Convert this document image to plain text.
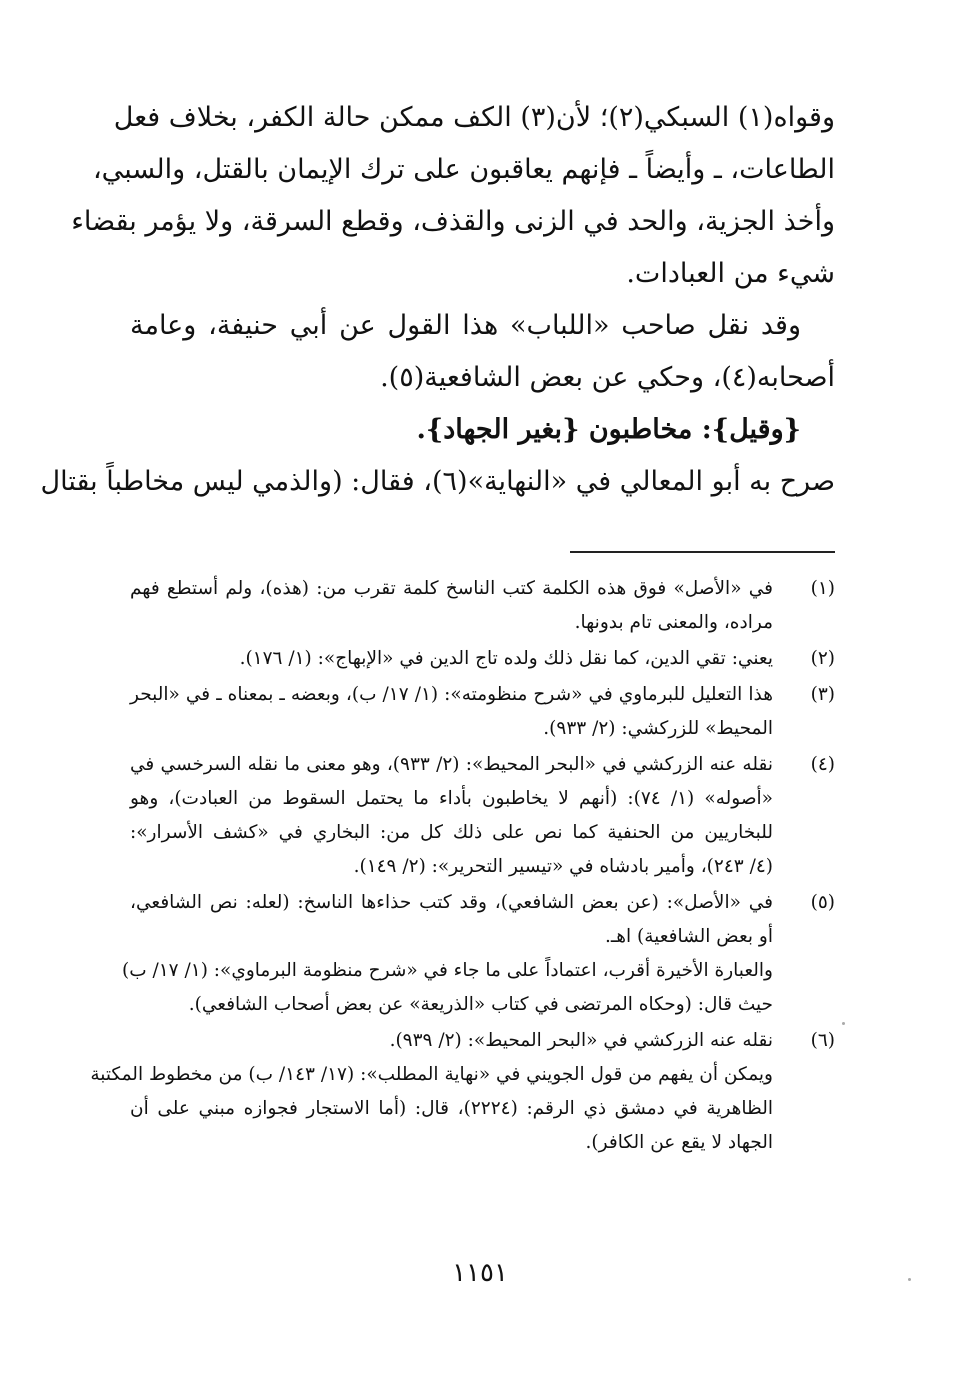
وقواه(١) السبكي(٢)؛ لأن(٣) الكف ممكن حالة الكفر، بخلاف فعل
الطاعات، ـ وأيضاً ـ فإنهم يعاقبون على ترك الإيمان بالقتل، والسبي،
وأخذ الجزية، والحد في الزنى والقذف، وقطع السرقة، ولا يؤمر بقضاء
شيء من العبادات.
وقد نقل صاحب «اللباب» هذا القول عن أبي حنيفة، وعامة
أصحابه(٤)، وحكي عن بعض الشافعية(٥).
{وقيل}: مخاطبون {بغير الجهاد}.
صرح به أبو المعالي في «النهاية»(٦)، فقال: (والذمي ليس مخاطباً بقتال
(١)
في «الأصل» فوق هذه الكلمة كتب الناسخ كلمة تقرب من: (هذه)، ولم أستطع فهم
مراده، والمعنى تام بدونها.
(٢)
يعني: تقي الدين، كما نقل ذلك ولده تاج الدين في «الإبهاج»: (١/ ١٧٦).
(٣)
هذا التعليل للبرماوي في «شرح منظومته»: (١/ ١٧/ ب)، وبعضه ـ بمعناه ـ في «البحر
المحيط» للزركشي: (٢/ ٩٣٣).
(٤)
نقله عنه الزركشي في «البحر المحيط»: (٢/ ٩٣٣)، وهو معنى ما نقله السرخسي في
«أصوله» (١/ ٧٤): (أنهم لا يخاطبون بأداء ما يحتمل السقوط من العبادت)، وهو
للبخاريين من الحنفية كما نص على ذلك كل من: البخاري في «كشف الأسرار»:
(٤/ ٢٤٣)، وأمير بادشاه في «تيسير التحرير»: (٢/ ١٤٩).
(٥)
في «الأصل»: (عن بعض الشافعي)، وقد كتب حذاءها الناسخ: (لعله: نص الشافعي،
أو بعض الشافعية) اهـ.
والعبارة الأخيرة أقرب، اعتماداً على ما جاء في «شرح منظومة البرماوي»: (١/ ١٧/ ب)
حيث قال: (وحكاه المرتضى في كتاب «الذريعة» عن بعض أصحاب الشافعي).
(٦)
نقله عنه الزركشي في «البحر المحيط»: (٢/ ٩٣٩).
ويمكن أن يفهم من قول الجويني في «نهاية المطلب»: (١٧/ ١٤٣/ ب) من مخطوط المكتبة
الظاهرية في دمشق ذي الرقم: (٢٢٢٤)، قال: (أما الاستجار فجوازه مبني على أن
الجهاد لا يقع عن الكافر).
١١٥١
